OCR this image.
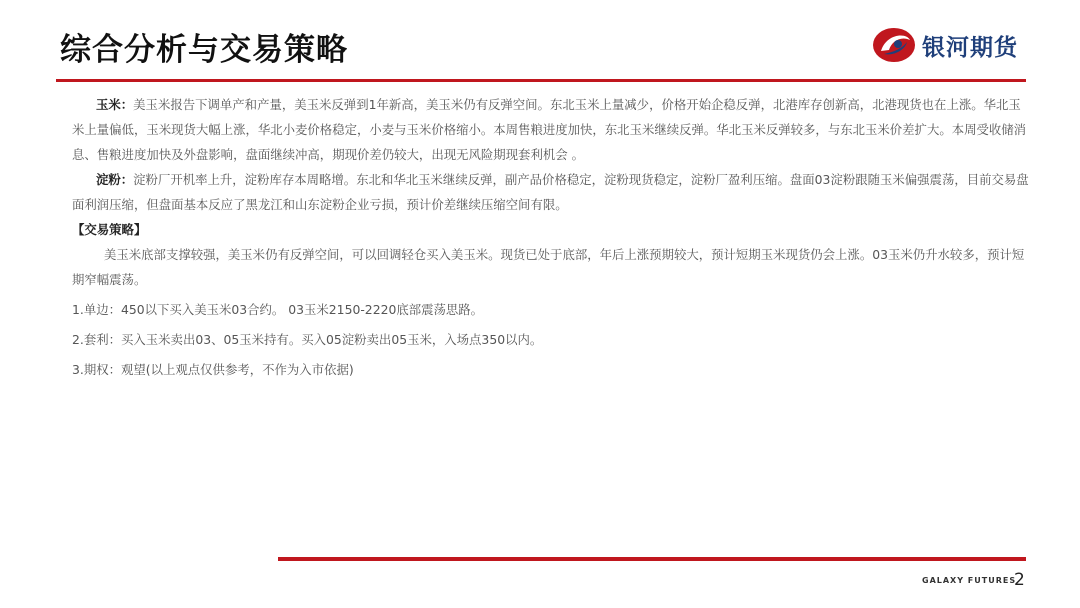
综合分析与交易策略	银河期货

玉米：美玉米报告下调单产和产量，美玉米反弹到1年新高，美玉米仍有反弹空间。东北玉米上量减少，价格开始企稳反弹，北港库存创新高，北港现货也在上涨。华北玉米上量偏低，玉米现货大幅上涨，华北小麦价格稳定，小麦与玉米价格缩小。本周售粮进度加快，东北玉米继续反弹。华北玉米反弹较多，与东北玉米价差扩大。本周受收储消息、售粮进度加快及外盘影响，盘面继续冲高，期现价差仍较大，出现无风险期现套利机会 。

淀粉：淀粉厂开机率上升，淀粉库存本周略增。东北和华北玉米继续反弹，副产品价格稳定，淀粉现货稳定，淀粉厂盈利压缩。盘面03淀粉跟随玉米偏强震荡，目前交易盘面利润压缩，但盘面基本反应了黑龙江和山东淀粉企业亏损，预计价差继续压缩空间有限。

【交易策略】

美玉米底部支撑较强，美玉米仍有反弹空间，可以回调轻仓买入美玉米。现货已处于底部，年后上涨预期较大，预计短期玉米现货仍会上涨。03玉米仍升水较多，预计短期窄幅震荡。

1.单边：450以下买入美玉米03合约。 03玉米2150-2220底部震荡思路。

2.套利：买入玉米卖出03、05玉米持有。买入05淀粉卖出05玉米，入场点350以内。

3.期权：观望(以上观点仅供参考，不作为入市依据)

GALAXY FUTURES
2
